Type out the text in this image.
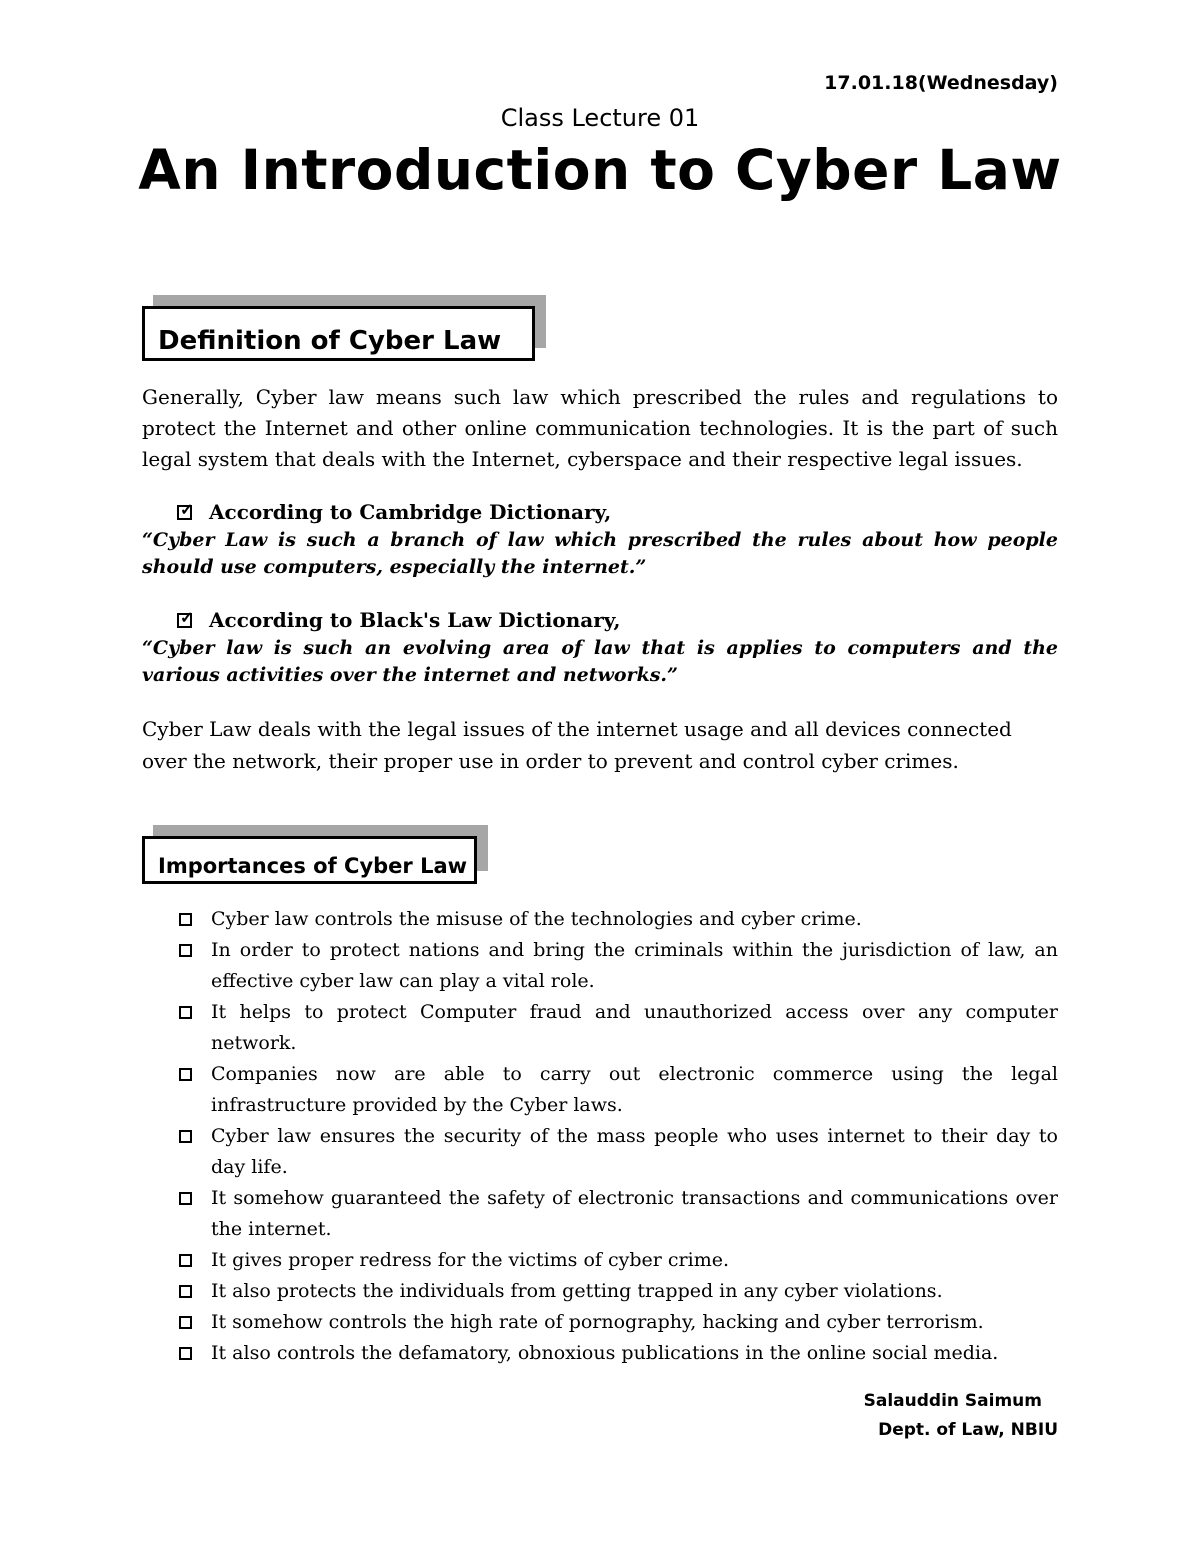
17.01.18(Wednesday)
Class Lecture 01
An Introduction to Cyber Law
Definition of Cyber Law
Generally, Cyber law means such law which prescribed the rules and regulations to protect the Internet and other online communication technologies. It is the part of such legal system that deals with the Internet, cyberspace and their respective legal issues.
✓ According to Cambridge Dictionary,
“Cyber Law is such a branch of law which prescribed the rules about how people should use computers, especially the internet.”
✓ According to Black's Law Dictionary,
“Cyber law is such an evolving area of law that is applies to computers and the various activities over the internet and networks.”
Cyber Law deals with the legal issues of the internet usage and all devices connected over the network, their proper use in order to prevent and control cyber crimes.
Importances of Cyber Law
Cyber law controls the misuse of the technologies and cyber crime.
In order to protect nations and bring the criminals within the jurisdiction of law, an effective cyber law can play a vital role.
It helps to protect Computer fraud and unauthorized access over any computer network.
Companies now are able to carry out electronic commerce using the legal infrastructure provided by the Cyber laws.
Cyber law ensures the security of the mass people who uses internet to their day to day life.
It somehow guaranteed the safety of electronic transactions and communications over the internet.
It gives proper redress for the victims of cyber crime.
It also protects the individuals from getting trapped in any cyber violations.
It somehow controls the high rate of pornography, hacking and cyber terrorism.
It also controls the defamatory, obnoxious publications in the online social media.
Salauddin Saimum
Dept. of Law, NBIU
